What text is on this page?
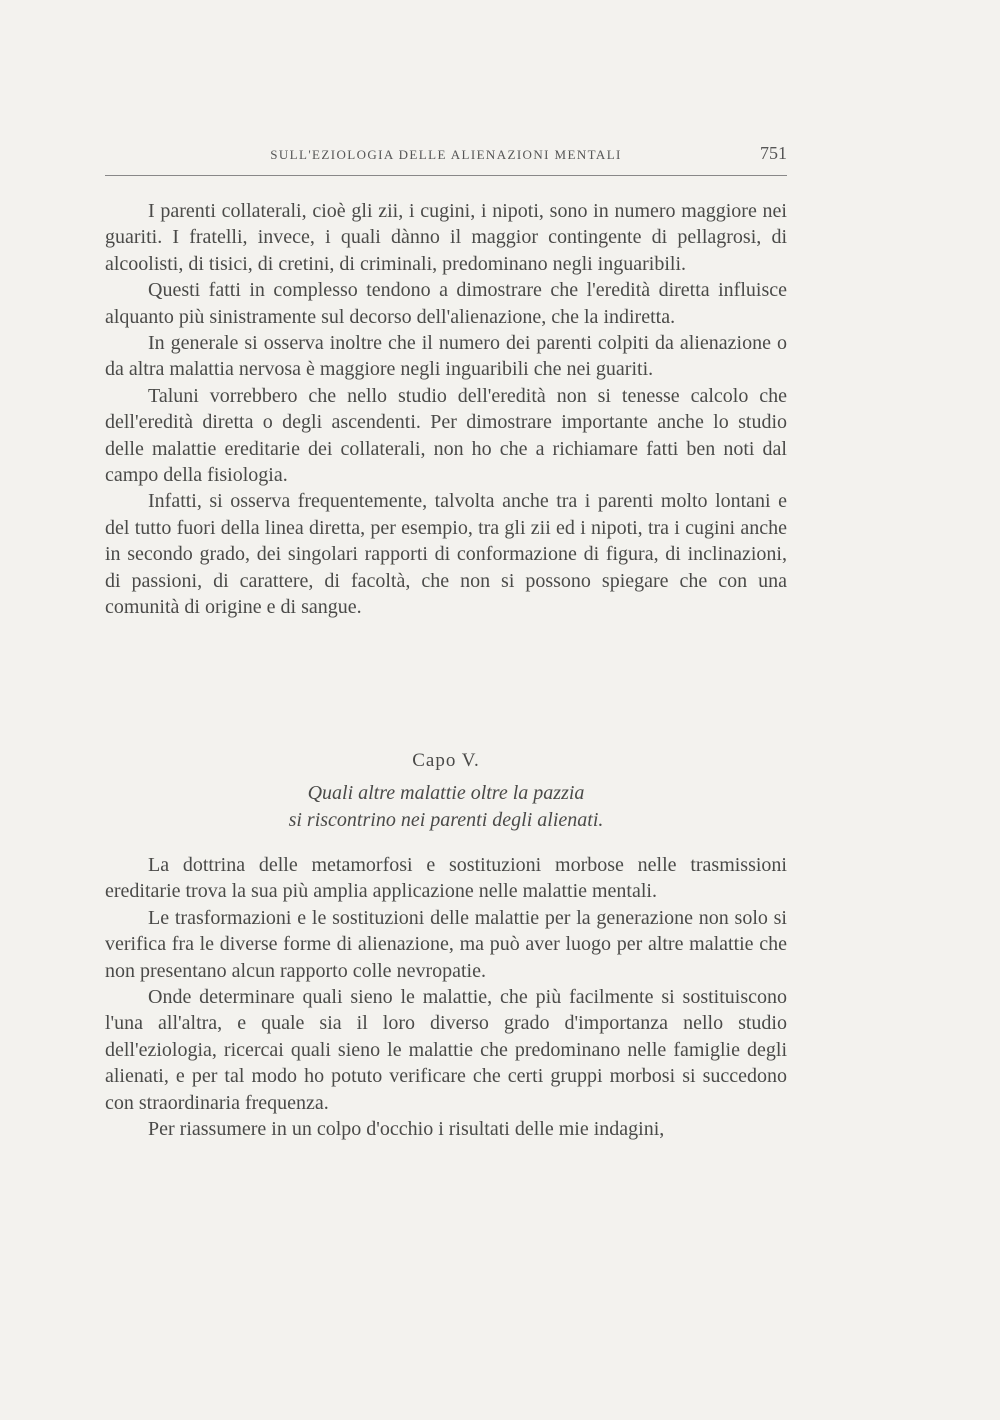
SULL'EZIOLOGIA DELLE ALIENAZIONI MENTALI	751

I parenti collaterali, cioè gli zii, i cugini, i nipoti, sono in numero maggiore nei guariti. I fratelli, invece, i quali dànno il maggior contingente di pellagrosi, di alcoolisti, di tisici, di cretini, di criminali, predominano negli inguaribili.

Questi fatti in complesso tendono a dimostrare che l'eredità diretta influisce alquanto più sinistramente sul decorso dell'alienazione, che la indiretta.

In generale si osserva inoltre che il numero dei parenti colpiti da alienazione o da altra malattia nervosa è maggiore negli inguaribili che nei guariti.

Taluni vorrebbero che nello studio dell'eredità non si tenesse calcolo che dell'eredità diretta o degli ascendenti. Per dimostrare importante anche lo studio delle malattie ereditarie dei collaterali, non ho che a richiamare fatti ben noti dal campo della fisiologia.

Infatti, si osserva frequentemente, talvolta anche tra i parenti molto lontani e del tutto fuori della linea diretta, per esempio, tra gli zii ed i nipoti, tra i cugini anche in secondo grado, dei singolari rapporti di conformazione di figura, di inclinazioni, di passioni, di carattere, di facoltà, che non si possono spiegare che con una comunità di origine e di sangue.

Capo V.
Quali altre malattie oltre la pazzia
si riscontrino nei parenti degli alienati.

La dottrina delle metamorfosi e sostituzioni morbose nelle trasmissioni ereditarie trova la sua più amplia applicazione nelle malattie mentali.

Le trasformazioni e le sostituzioni delle malattie per la generazione non solo si verifica fra le diverse forme di alienazione, ma può aver luogo per altre malattie che non presentano alcun rapporto colle nevropatie.

Onde determinare quali sieno le malattie, che più facilmente si sostituiscono l'una all'altra, e quale sia il loro diverso grado d'importanza nello studio dell'eziologia, ricercai quali sieno le malattie che predominano nelle famiglie degli alienati, e per tal modo ho potuto verificare che certi gruppi morbosi si succedono con straordinaria frequenza.

Per riassumere in un colpo d'occhio i risultati delle mie indagini,
